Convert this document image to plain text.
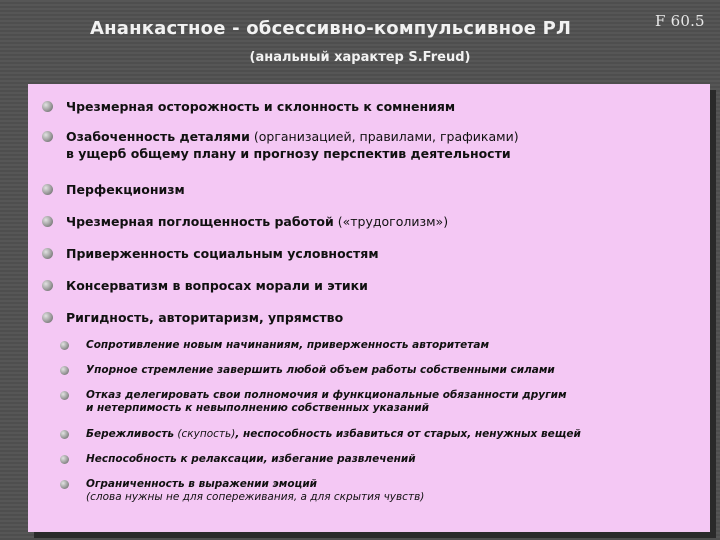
Ананкастное - обсессивно-компульсивное РЛ	F 60.5
(анальный характер S.Freud)
Чрезмерная осторожность и склонность к сомнениям
Озабоченность деталями (организацией, правилами, графиками)
в ущерб общему плану и прогнозу перспектив деятельности
Перфекционизм
Чрезмерная поглощенность работой («трудоголизм»)
Приверженность социальным условностям
Консерватизм в вопросах морали и этики
Ригидность, авторитаризм, упрямство
Сопротивление новым начинаниям, приверженность авторитетам
Упорное стремление завершить любой объем работы собственными силами
Отказ делегировать свои полномочия и функциональные обязанности другим
и нетерпимость к невыполнению собственных указаний
Бережливость (скупость), неспособность избавиться от старых, ненужных вещей
Неспособность к релаксации, избегание развлечений
Ограниченность в выражении эмоций
(слова нужны не для сопереживания, а для скрытия чувств)
